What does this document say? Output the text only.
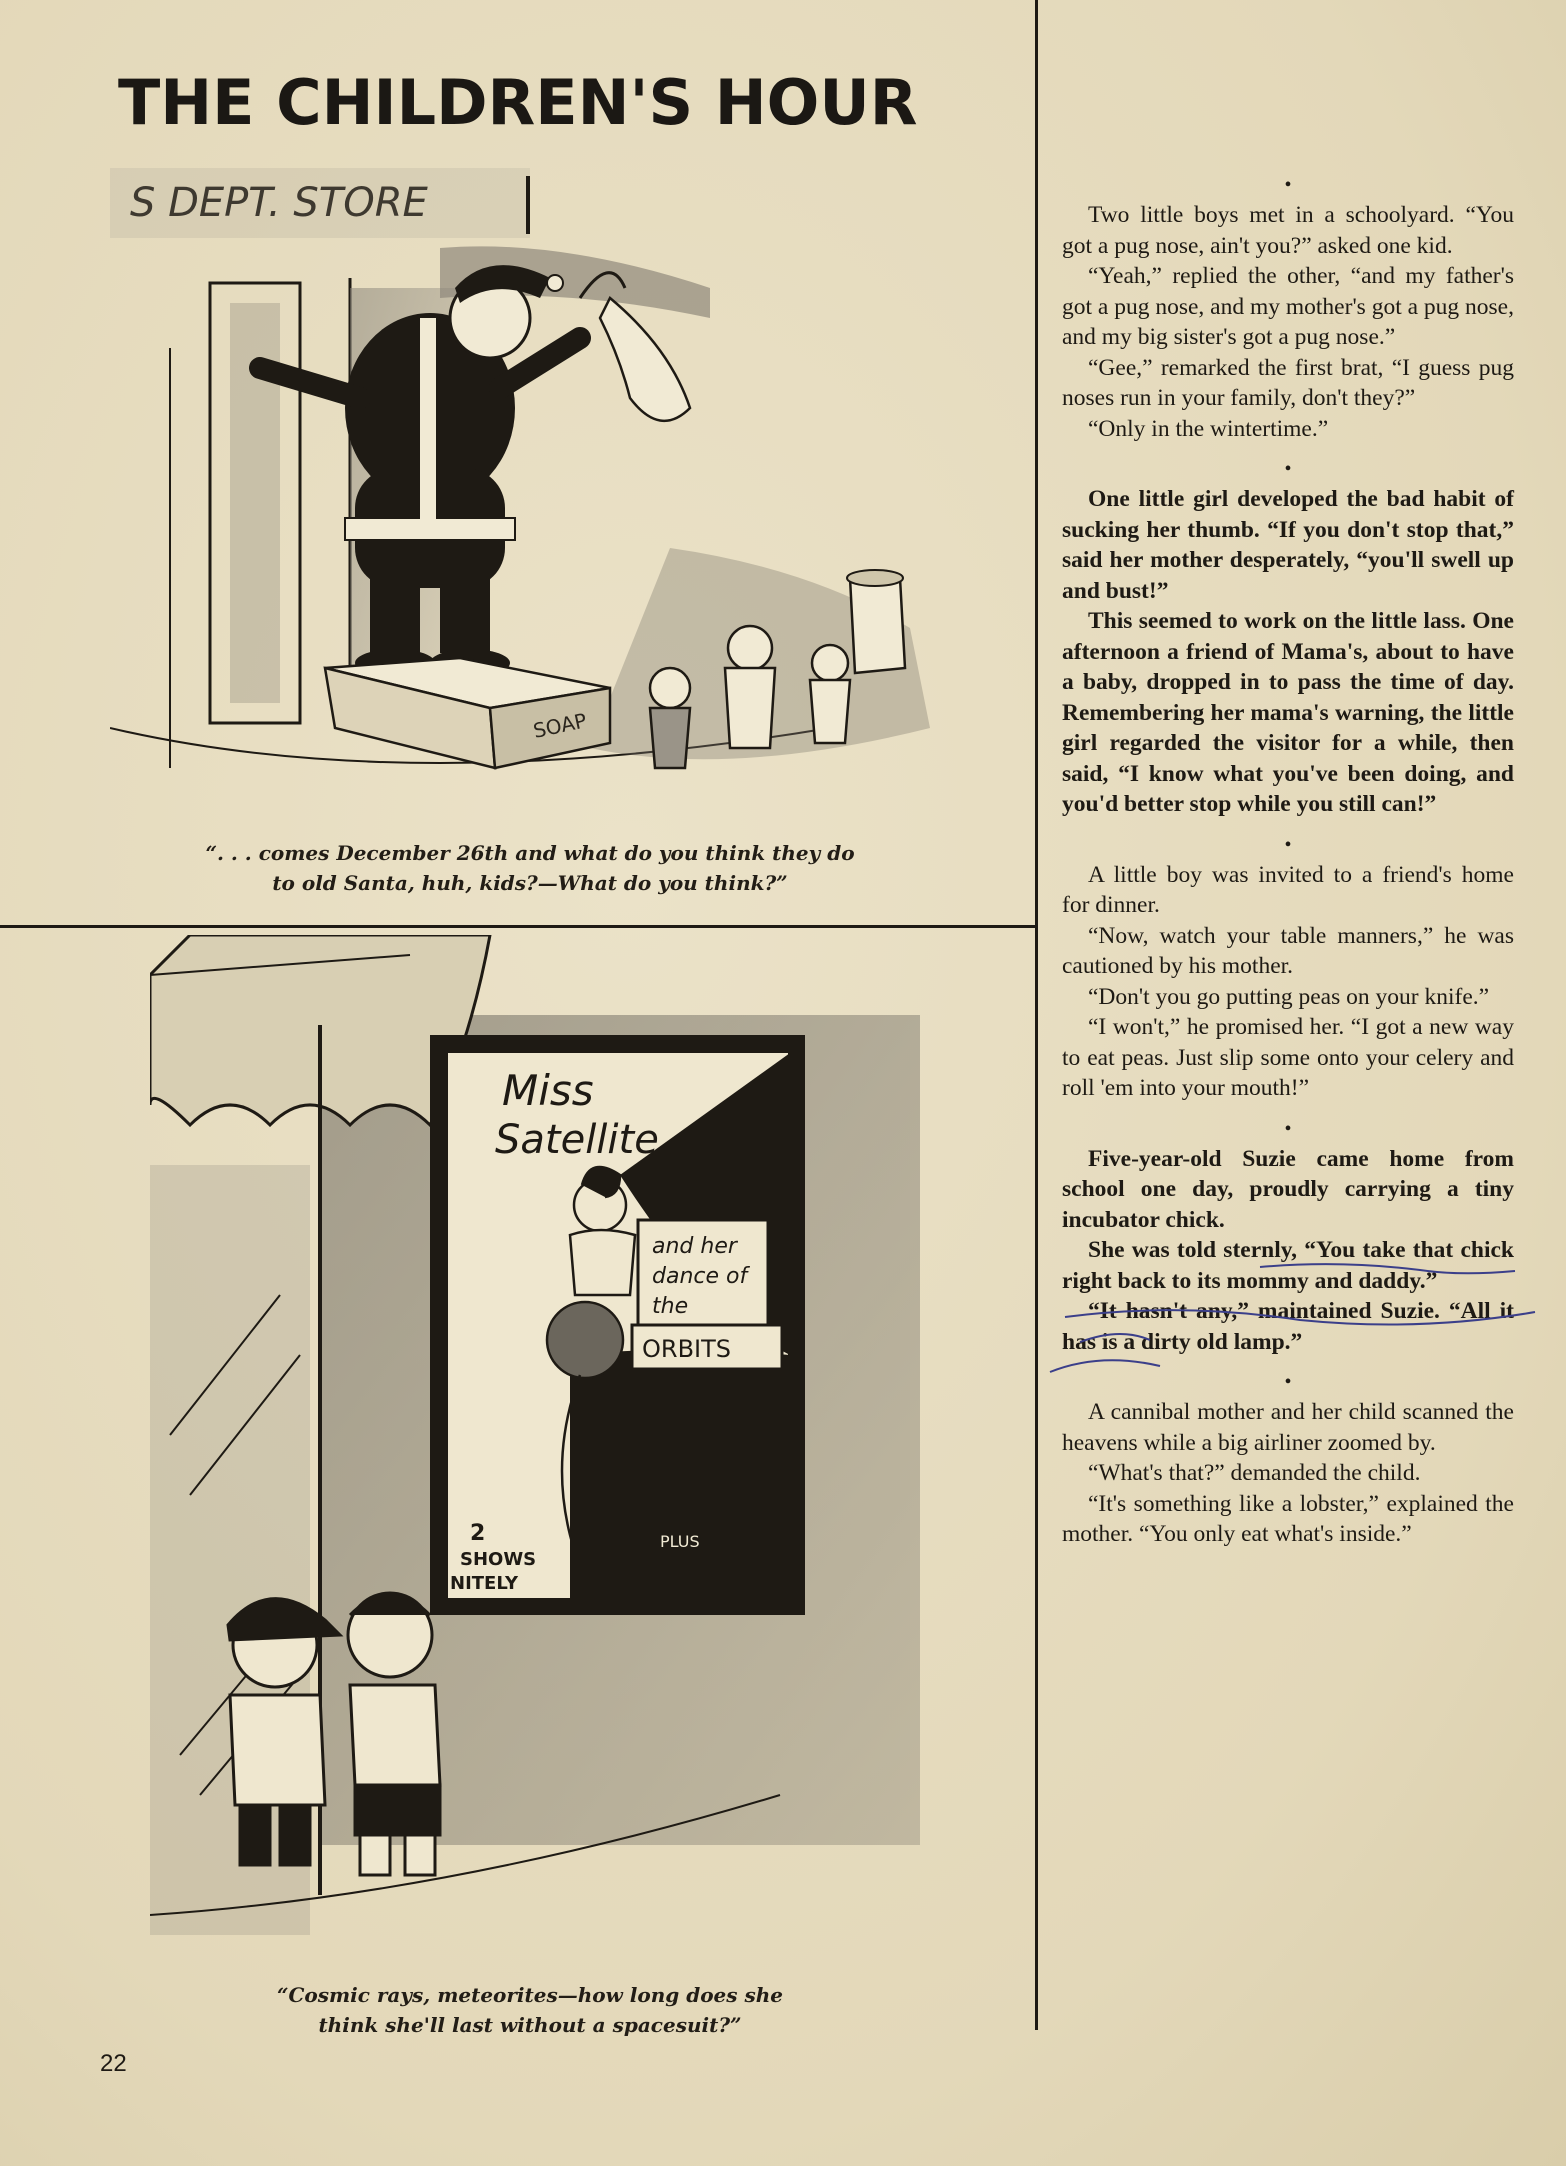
THE CHILDREN'S HOUR
S DEPT. STORE
SOAP
“. . . comes December 26th and what do you think they do
to old Santa, huh, kids?—What do you think?”
Miss
Satellite
and her
dance of
the
ORBITS
2
SHOWS
NITELY
PLUS
“Cosmic rays, meteorites—how long does she
think she'll last without a spacesuit?”
•

Two little boys met in a schoolyard. “You got a pug nose, ain't you?” asked one kid.

“Yeah,” replied the other, “and my father's got a pug nose, and my mother's got a pug nose, and my big sister's got a pug nose.”

“Gee,” remarked the first brat, “I guess pug noses run in your family, don't they?”

“Only in the wintertime.”

•

One little girl developed the bad habit of sucking her thumb. “If you don't stop that,” said her mother desperately, “you'll swell up and bust!”

This seemed to work on the little lass. One afternoon a friend of Mama's, about to have a baby, dropped in to pass the time of day. Remembering her mama's warning, the little girl regarded the visitor for a while, then said, “I know what you've been doing, and you'd better stop while you still can!”

•

A little boy was invited to a friend's home for dinner.

“Now, watch your table manners,” he was cautioned by his mother.

“Don't you go putting peas on your knife.”

“I won't,” he promised her. “I got a new way to eat peas. Just slip some onto your celery and roll 'em into your mouth!”

•

Five-year-old Suzie came home from school one day, proudly carrying a tiny incubator chick.

She was told sternly, “You take that chick right back to its mommy and daddy.”

“It hasn't any,” maintained Suzie. “All it has is a dirty old lamp.”

•

A cannibal mother and her child scanned the heavens while a big airliner zoomed by.

“What's that?” demanded the child.

“It's something like a lobster,” explained the mother. “You only eat what's inside.”

22
